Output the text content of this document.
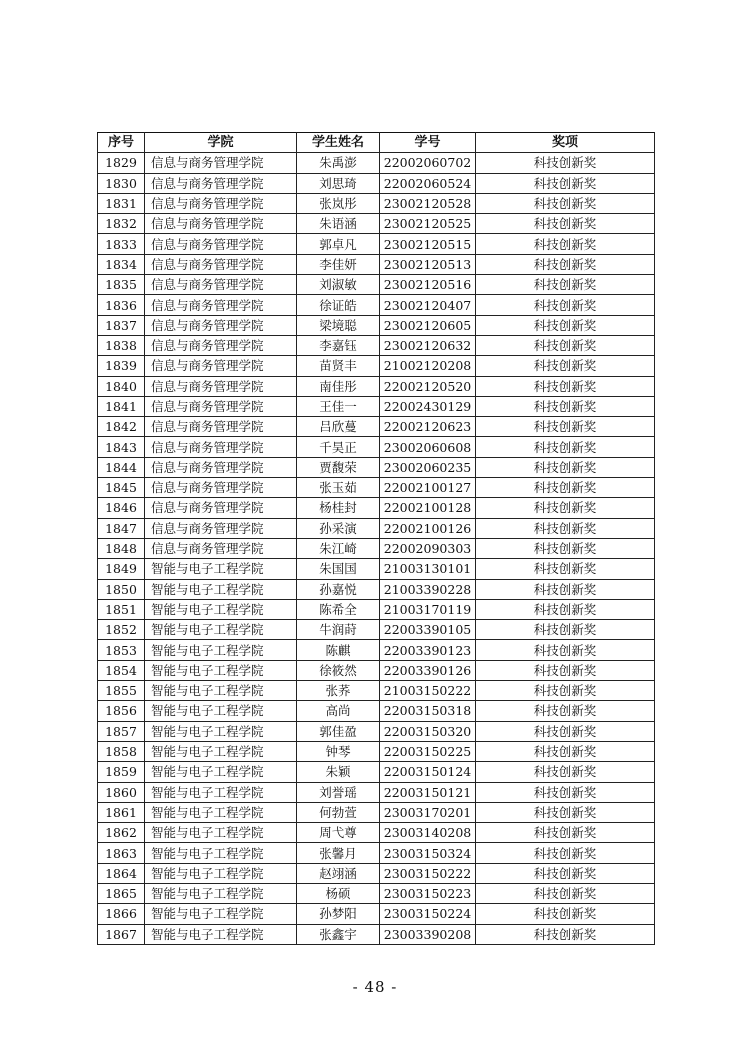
序号	学院	学生姓名	学号	奖项
1829	信息与商务管理学院	朱禹澎	22002060702	科技创新奖
1830	信息与商务管理学院	刘思琦	22002060524	科技创新奖
1831	信息与商务管理学院	张岚彤	23002120528	科技创新奖
1832	信息与商务管理学院	朱语涵	23002120525	科技创新奖
1833	信息与商务管理学院	郭卓凡	23002120515	科技创新奖
1834	信息与商务管理学院	李佳妍	23002120513	科技创新奖
1835	信息与商务管理学院	刘淑敏	23002120516	科技创新奖
1836	信息与商务管理学院	徐证皓	23002120407	科技创新奖
1837	信息与商务管理学院	梁境聪	23002120605	科技创新奖
1838	信息与商务管理学院	李嘉钰	23002120632	科技创新奖
1839	信息与商务管理学院	苗贤丰	21002120208	科技创新奖
1840	信息与商务管理学院	南佳彤	22002120520	科技创新奖
1841	信息与商务管理学院	王佳一	22002430129	科技创新奖
1842	信息与商务管理学院	吕欣蔓	22002120623	科技创新奖
1843	信息与商务管理学院	千昊正	23002060608	科技创新奖
1844	信息与商务管理学院	贾馥荣	23002060235	科技创新奖
1845	信息与商务管理学院	张玉茹	22002100127	科技创新奖
1846	信息与商务管理学院	杨桂封	22002100128	科技创新奖
1847	信息与商务管理学院	孙采演	22002100126	科技创新奖
1848	信息与商务管理学院	朱江崎	22002090303	科技创新奖
1849	智能与电子工程学院	朱国国	21003130101	科技创新奖
1850	智能与电子工程学院	孙嘉悦	21003390228	科技创新奖
1851	智能与电子工程学院	陈希全	21003170119	科技创新奖
1852	智能与电子工程学院	牛润莳	22003390105	科技创新奖
1853	智能与电子工程学院	陈麒	22003390123	科技创新奖
1854	智能与电子工程学院	徐筱然	22003390126	科技创新奖
1855	智能与电子工程学院	张荞	21003150222	科技创新奖
1856	智能与电子工程学院	高尚	22003150318	科技创新奖
1857	智能与电子工程学院	郭佳盈	22003150320	科技创新奖
1858	智能与电子工程学院	钟琴	22003150225	科技创新奖
1859	智能与电子工程学院	朱颖	22003150124	科技创新奖
1860	智能与电子工程学院	刘誉瑶	22003150121	科技创新奖
1861	智能与电子工程学院	何勃萱	23003170201	科技创新奖
1862	智能与电子工程学院	周弋尊	23003140208	科技创新奖
1863	智能与电子工程学院	张馨月	23003150324	科技创新奖
1864	智能与电子工程学院	赵翊涵	23003150222	科技创新奖
1865	智能与电子工程学院	杨硕	23003150223	科技创新奖
1866	智能与电子工程学院	孙梦阳	23003150224	科技创新奖
1867	智能与电子工程学院	张鑫宇	23003390208	科技创新奖
- 48 -
